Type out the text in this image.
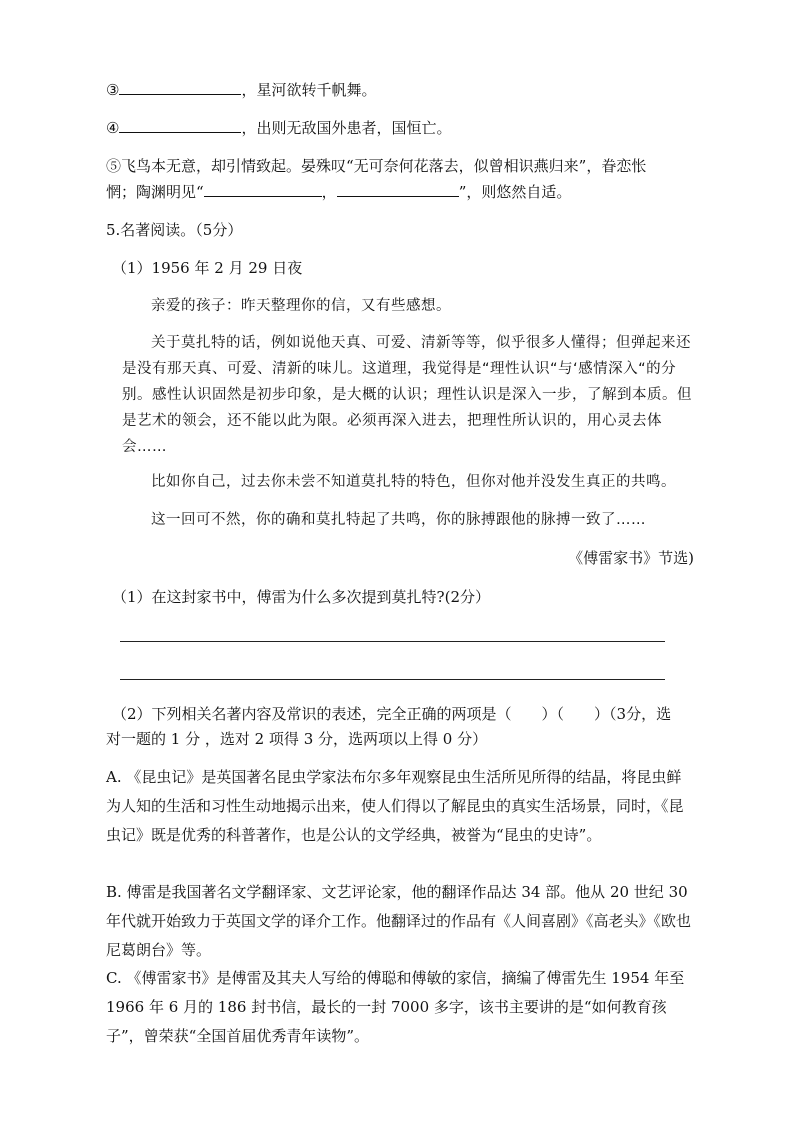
③	，星河欲转千帆舞。
④	，出则无敌国外患者，国恒亡。
⑤飞鸟本无意，却引情致起。晏殊叹“无可奈何花落去，似曾相识燕归来”，眷恋怅
惘；陶渊明见“	，	”，则悠然自适。
5.名著阅读。（5分）
（1）1956 年 2 月 29 日夜
亲爱的孩子：昨天整理你的信，又有些感想。
关于莫扎特的话，例如说他天真、可爱、清新等等，似乎很多人懂得；但弹起来还是没有那天真、可爱、清新的味儿。这道理，我觉得是“理性认识“与‘感情深入“的分别。感性认识固然是初步印象，是大概的认识；理性认识是深入一步，了解到本质。但是艺术的领会，还不能以此为限。必须再深入进去，把理性所认识的，用心灵去体会……
比如你自己，过去你未尝不知道莫扎特的特色，但你对他并没发生真正的共鸣。
这一回可不然，你的确和莫扎特起了共鸣，你的脉搏跟他的脉搏一致了……
《傅雷家书》节选)
（1）在这封家书中，傅雷为什么多次提到莫扎特?(2分）
（2）下列相关名著内容及常识的表述，完全正确的两项是（　　）（　　）（3分，选
对一题的 1 分 ，选对 2 项得 3 分，选两项以上得 0 分）
A. 《昆虫记》是英国著名昆虫学家法布尔多年观察昆虫生活所见所得的结晶，将昆虫鲜为人知的生活和习性生动地揭示出来，使人们得以了解昆虫的真实生活场景，同时，《昆虫记》既是优秀的科普著作，也是公认的文学经典，被誉为“昆虫的史诗”。
B. 傅雷是我国著名文学翻译家、文艺评论家，他的翻译作品达 34 部。他从 20 世纪 30 年代就开始致力于英国文学的译介工作。他翻译过的作品有《人间喜剧》《高老头》《欧也尼葛朗台》等。
C. 《傅雷家书》是傅雷及其夫人写给的傅聪和傅敏的家信，摘编了傅雷先生 1954 年至 1966 年 6 月的 186 封书信，最长的一封 7000 多字，该书主要讲的是“如何教育孩子”，曾荣获“全国首届优秀青年读物”。
